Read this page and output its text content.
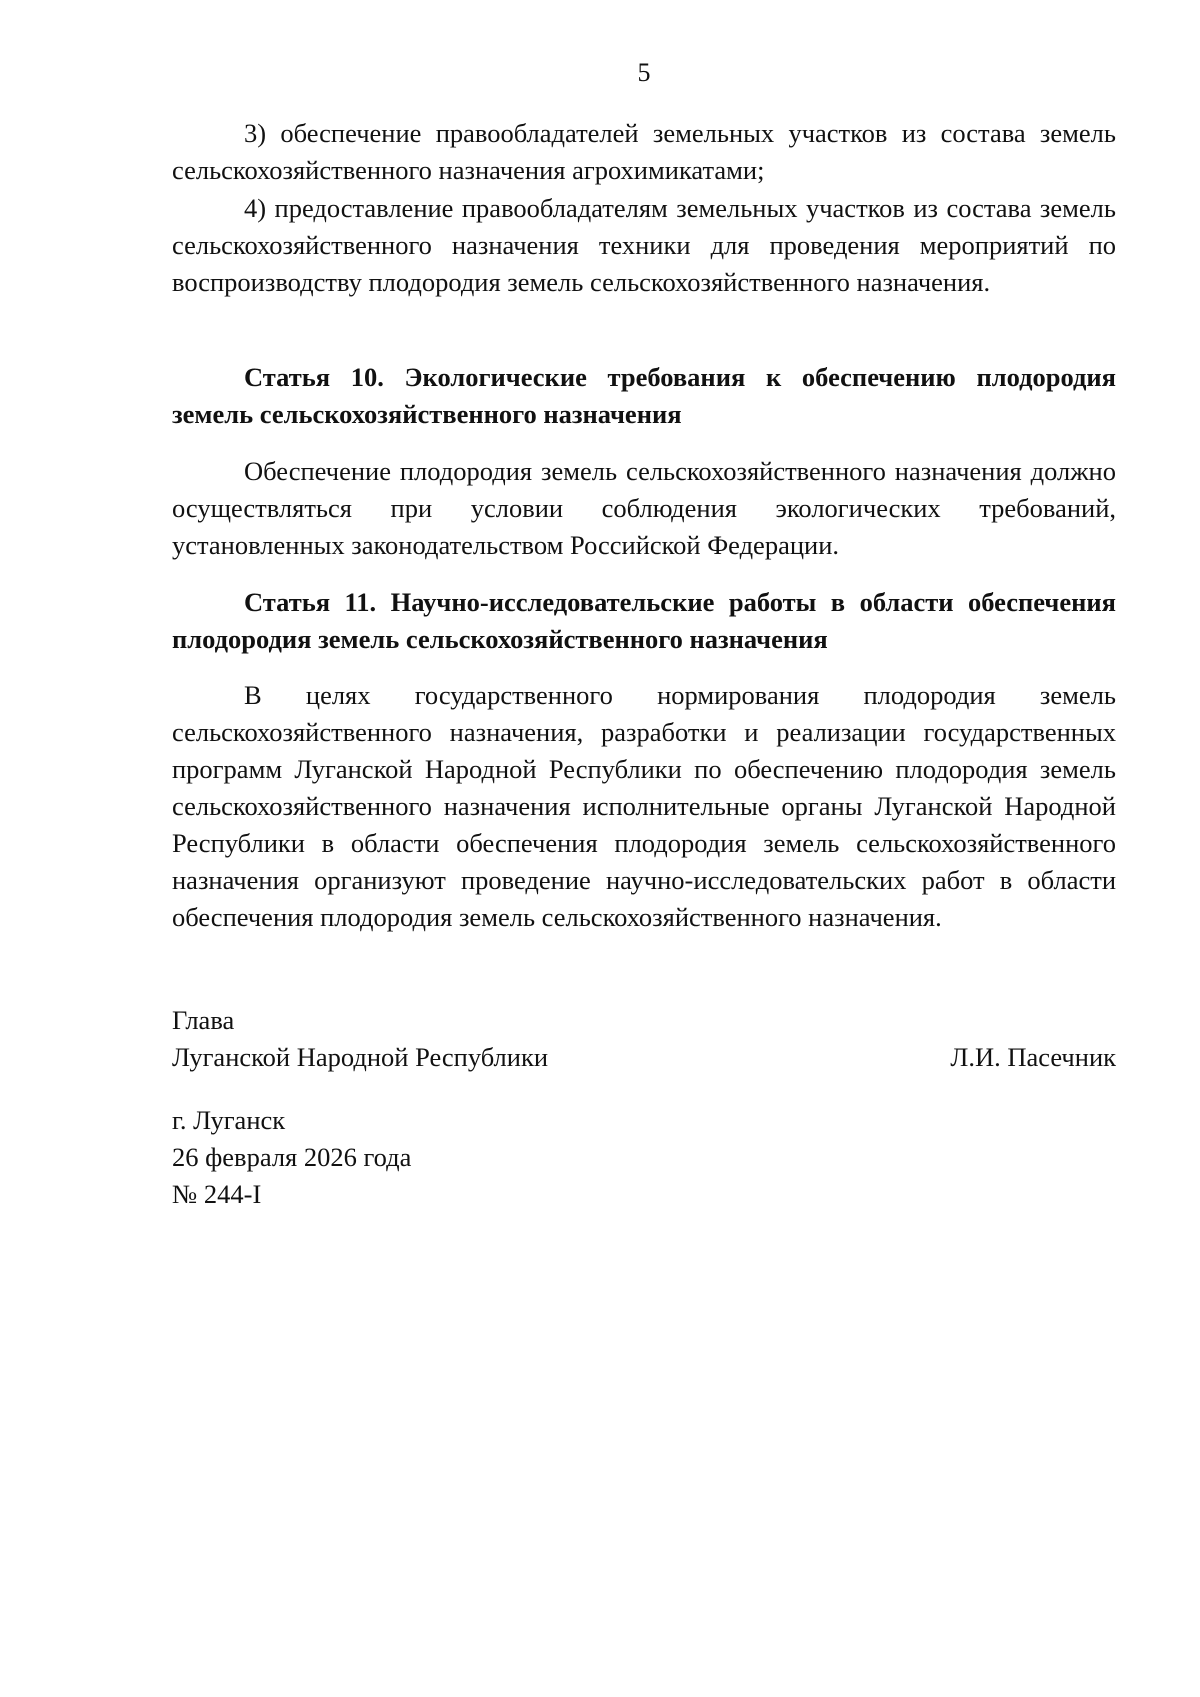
5

3) обеспечение правообладателей земельных участков из состава земель сельскохозяйственного назначения агрохимикатами;

4) предоставление правообладателям земельных участков из состава земель сельскохозяйственного назначения техники для проведения мероприятий по воспроизводству плодородия земель сельскохозяйственного назначения.

Статья 10. Экологические требования к обеспечению плодородия земель сельскохозяйственного назначения

Обеспечение плодородия земель сельскохозяйственного назначения должно осуществляться при условии соблюдения экологических требований, установленных законодательством Российской Федерации.

Статья 11. Научно-исследовательские работы в области обеспечения плодородия земель сельскохозяйственного назначения

В целях государственного нормирования плодородия земель сельскохозяйственного назначения, разработки и реализации государственных программ Луганской Народной Республики по обеспечению плодородия земель сельскохозяйственного назначения исполнительные органы Луганской Народной Республики в области обеспечения плодородия земель сельскохозяйственного назначения организуют проведение научно-исследовательских работ в области обеспечения плодородия земель сельскохозяйственного назначения.

Глава
Луганской Народной Республики	Л.И. Пасечник
г. Луганск
26 февраля 2026 года
№ 244-I
